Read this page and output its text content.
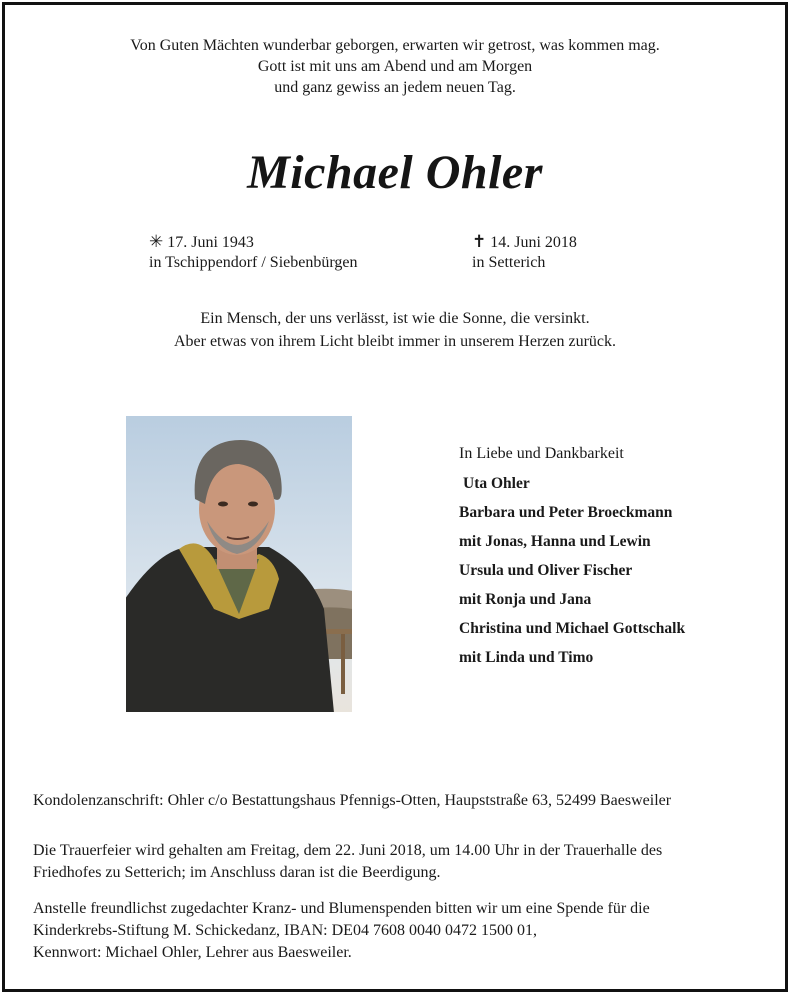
Von Guten Mächten wunderbar geborgen, erwarten wir getrost, was kommen mag.
Gott ist mit uns am Abend und am Morgen
und ganz gewiss an jedem neuen Tag.
Michael Ohler
✳ 17. Juni 1943
in Tschippendorf / Siebenbürgen
✝ 14. Juni 2018
in Setterich
Ein Mensch, der uns verlässt, ist wie die Sonne, die versinkt.
Aber etwas von ihrem Licht bleibt immer in unserem Herzen zurück.
In Liebe und Dankbarkeit
Uta Ohler
Barbara und Peter Broeckmann
mit Jonas, Hanna und Lewin
Ursula und Oliver Fischer
mit Ronja und Jana
Christina und Michael Gottschalk
mit Linda und Timo
Kondolenzanschrift: Ohler c/o Bestattungshaus Pfennigs-Otten, Haupststraße 63, 52499 Baesweiler
Die Trauerfeier wird gehalten am Freitag, dem 22. Juni 2018, um 14.00 Uhr in der Trauerhalle des
Friedhofes zu Setterich; im Anschluss daran ist die Beerdigung.
Anstelle freundlichst zugedachter Kranz- und Blumenspenden bitten wir um eine Spende für die
Kinderkrebs-Stiftung M. Schickedanz, IBAN: DE04 7608 0040 0472 1500 01,
Kennwort: Michael Ohler, Lehrer aus Baesweiler.
